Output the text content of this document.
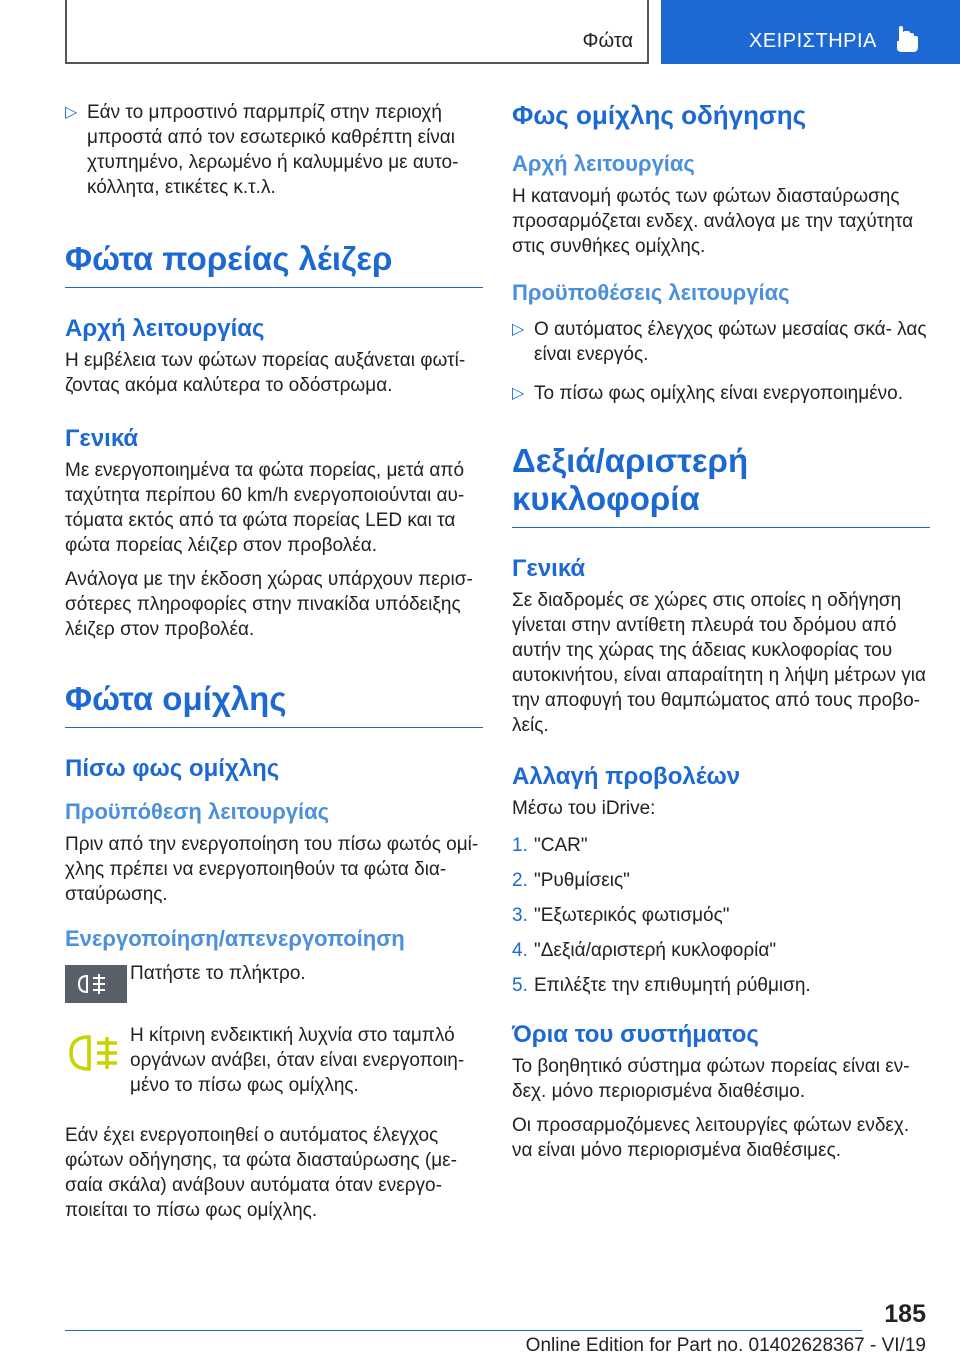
Φώτα	ΧΕΙΡΙΣΤΗΡΙΑ
▷ Εάν το μπροστινό παρμπρίζ στην περιοχή μπροστά από τον εσωτερικό καθρέπτη είναι χτυπημένο, λερωμένο ή καλυμμένο με αυτο‐ κόλλητα, ετικέτες κ.τ.λ.
Φώτα πορείας λέιζερ
Αρχή λειτουργίας

Η εμβέλεια των φώτων πορείας αυξάνεται φωτί‐ ζοντας ακόμα καλύτερα το οδόστρωμα.

Γενικά

Με ενεργοποιημένα τα φώτα πορείας, μετά από ταχύτητα περίπου 60 km/h ενεργοποιούνται αυ‐ τόματα εκτός από τα φώτα πορείας LED και τα φώτα πορείας λέιζερ στον προβολέα.

Ανάλογα με την έκδοση χώρας υπάρχουν περισ‐ σότερες πληροφορίες στην πινακίδα υπόδειξης λέιζερ στον προβολέα.

Φώτα ομίχλης
Πίσω φως ομίχλης
Προϋπόθεση λειτουργίας

Πριν από την ενεργοποίηση του πίσω φωτός ομί‐ χλης πρέπει να ενεργοποιηθούν τα φώτα δια‐ σταύρωσης.

Ενεργοποίηση/απενεργοποίηση

Πατήστε το πλήκτρο.

Η κίτρινη ενδεικτική λυχνία στο ταμπλό οργάνων ανάβει, όταν είναι ενεργοποιη‐ μένο το πίσω φως ομίχλης.

Εάν έχει ενεργοποιηθεί ο αυτόματος έλεγχος φώτων οδήγησης, τα φώτα διασταύρωσης (με‐ σαία σκάλα) ανάβουν αυτόματα όταν ενεργο‐ ποιείται το πίσω φως ομίχλης.

Φως ομίχλης οδήγησης
Αρχή λειτουργίας

Η κατανομή φωτός των φώτων διασταύρωσης προσαρμόζεται ενδεχ. ανάλογα με την ταχύτητα στις συνθήκες ομίχλης.

Προϋποθέσεις λειτουργίας
▷ Ο αυτόματος έλεγχος φώτων μεσαίας σκά‐ λας είναι ενεργός.
▷ Το πίσω φως ομίχλης είναι ενεργοποιημένο.
Δεξιά/αριστερή κυκλοφορία
Γενικά

Σε διαδρομές σε χώρες στις οποίες η οδήγηση γίνεται στην αντίθετη πλευρά του δρόμου από αυτήν της χώρας της άδειας κυκλοφορίας του αυτοκινήτου, είναι απαραίτητη η λήψη μέτρων για την αποφυγή του θαμπώματος από τους προβο‐ λείς.

Αλλαγή προβολέων

Μέσω του iDrive:

1. "CAR"
2. "Ρυθμίσεις"
3. "Εξωτερικός φωτισμός"
4. "Δεξιά/αριστερή κυκλοφορία"
5. Επιλέξτε την επιθυμητή ρύθμιση.
Όρια του συστήματος

Το βοηθητικό σύστημα φώτων πορείας είναι εν‐ δεχ. μόνο περιορισμένα διαθέσιμο.

Οι προσαρμοζόμενες λειτουργίες φώτων ενδεχ. να είναι μόνο περιορισμένα διαθέσιμες.

185
Online Edition for Part no. 01402628367 - VI/19
